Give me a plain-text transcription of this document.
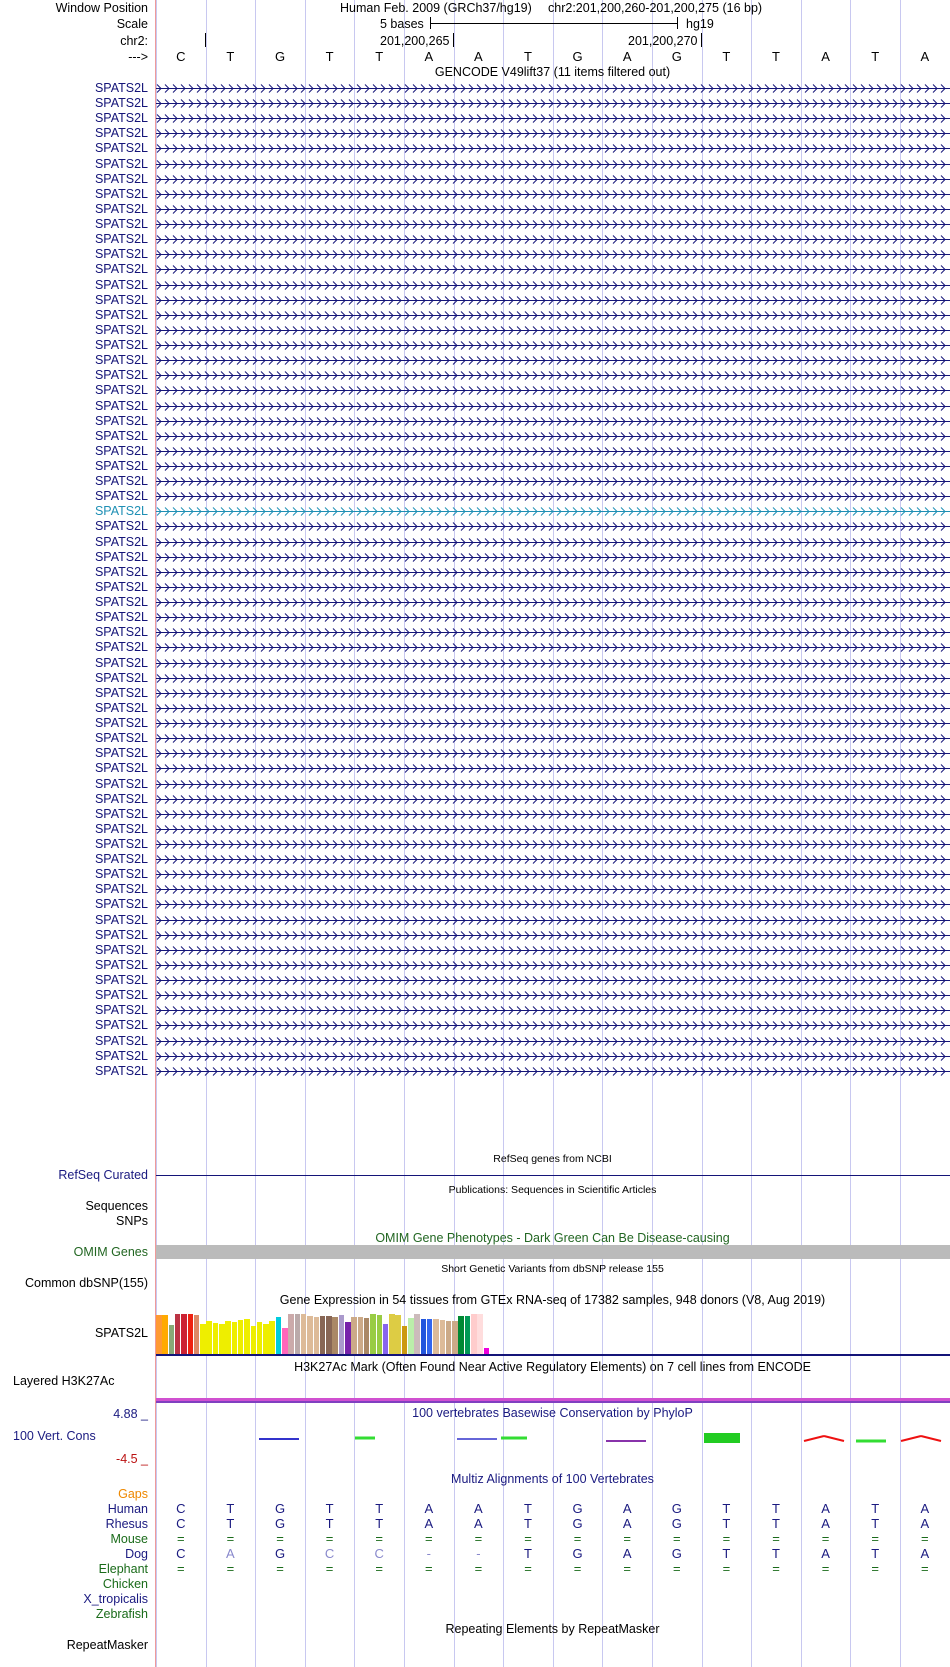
Window Position	Human Feb. 2009 (GRCh37/hg19) chr2:201,200,260-201,200,275 (16 bp)
Scale	5 bases	hg19
chr2:	201,200,265	201,200,270
--->	C	T	G	T	T	A	A	T	G	A	G	T	T	A	T	A
GENCODE V49lift37 (11 items filtered out)
SPATS2L
SPATS2L
SPATS2L
SPATS2L
SPATS2L
SPATS2L
SPATS2L
SPATS2L
SPATS2L
SPATS2L
SPATS2L
SPATS2L
SPATS2L
SPATS2L
SPATS2L
SPATS2L
SPATS2L
SPATS2L
SPATS2L
SPATS2L
SPATS2L
SPATS2L
SPATS2L
SPATS2L
SPATS2L
SPATS2L
SPATS2L
SPATS2L
SPATS2L
SPATS2L
SPATS2L
SPATS2L
SPATS2L
SPATS2L
SPATS2L
SPATS2L
SPATS2L
SPATS2L
SPATS2L
SPATS2L
SPATS2L
SPATS2L
SPATS2L
SPATS2L
SPATS2L
SPATS2L
SPATS2L
SPATS2L
SPATS2L
SPATS2L
SPATS2L
SPATS2L
SPATS2L
SPATS2L
SPATS2L
SPATS2L
SPATS2L
SPATS2L
SPATS2L
SPATS2L
SPATS2L
SPATS2L
SPATS2L
SPATS2L
SPATS2L
SPATS2L
RefSeq genes from NCBI
RefSeq Curated
Publications: Sequences in Scientific Articles
Sequences
SNPs
OMIM Gene Phenotypes - Dark Green Can Be Disease-causing
OMIM Genes
Short Genetic Variants from dbSNP release 155
Common dbSNP(155)
Gene Expression in 54 tissues from GTEx RNA-seq of 17382 samples, 948 donors (V8, Aug 2019)
SPATS2L
H3K27Ac Mark (Often Found Near Active Regulatory Elements) on 7 cell lines from ENCODE
Layered H3K27Ac
100 vertebrates Basewise Conservation by PhyloP
4.88 _
100 Vert. Cons
-4.5 _
Multiz Alignments of 100 Vertebrates
Gaps
Human	C	T	G	T	T	A	A	T	G	A	G	T	T	A	T	A
Rhesus	C	T	G	T	T	A	A	T	G	A	G	T	T	A	T	A
Mouse	=	=	=	=	=	=	=	=	=	=	=	=	=	=	=	=
Dog	C	A	G	C	C	-	-	T	G	A	G	T	T	A	T	A
Elephant	=	=	=	=	=	=	=	=	=	=	=	=	=	=	=	=
Chicken
X_tropicalis
Zebrafish
Repeating Elements by RepeatMasker
RepeatMasker
